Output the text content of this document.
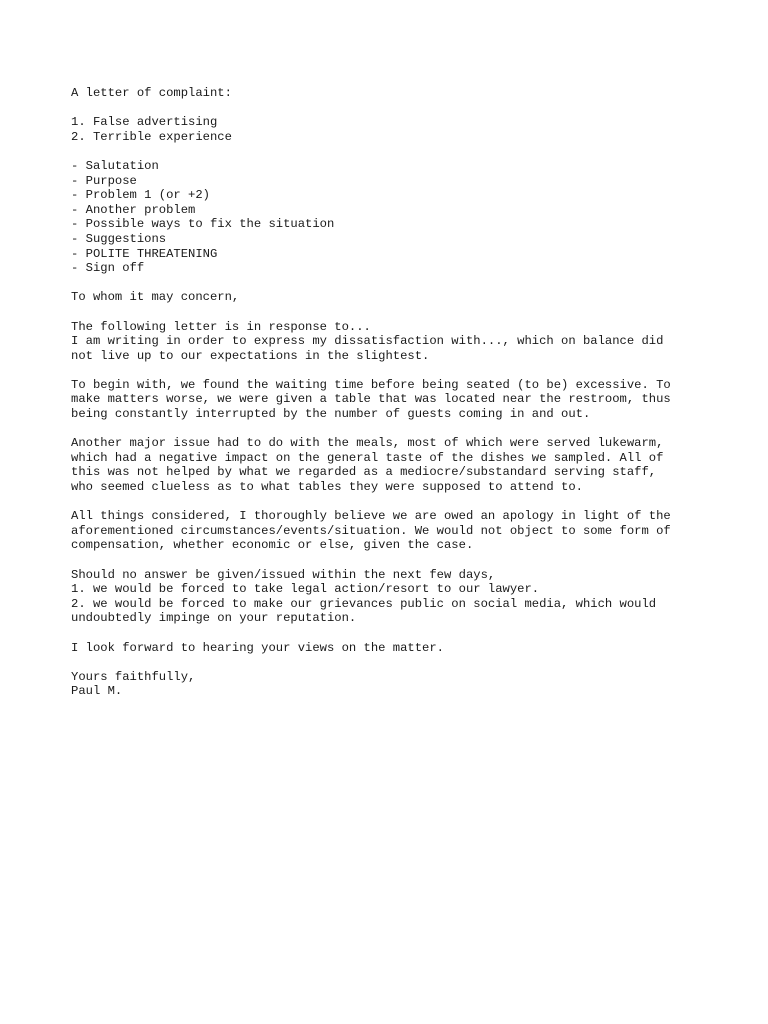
A letter of complaint:
1. False advertising
2. Terrible experience
- Salutation
- Purpose
- Problem 1 (or +2)
- Another problem
- Possible ways to fix the situation
- Suggestions
- POLITE THREATENING
- Sign off
To whom it may concern,
The following letter is in response to...
I am writing in order to express my dissatisfaction with..., which on balance did
not live up to our expectations in the slightest.
To begin with, we found the waiting time before being seated (to be) excessive. To
make matters worse, we were given a table that was located near the restroom, thus
being constantly interrupted by the number of guests coming in and out.
Another major issue had to do with the meals, most of which were served lukewarm,
which had a negative impact on the general taste of the dishes we sampled. All of
this was not helped by what we regarded as a mediocre/substandard serving staff,
who seemed clueless as to what tables they were supposed to attend to.
All things considered, I thoroughly believe we are owed an apology in light of the
aforementioned circumstances/events/situation. We would not object to some form of
compensation, whether economic or else, given the case.
Should no answer be given/issued within the next few days,
1. we would be forced to take legal action/resort to our lawyer.
2. we would be forced to make our grievances public on social media, which would
undoubtedly impinge on your reputation.
I look forward to hearing your views on the matter.
Yours faithfully,
Paul M.
